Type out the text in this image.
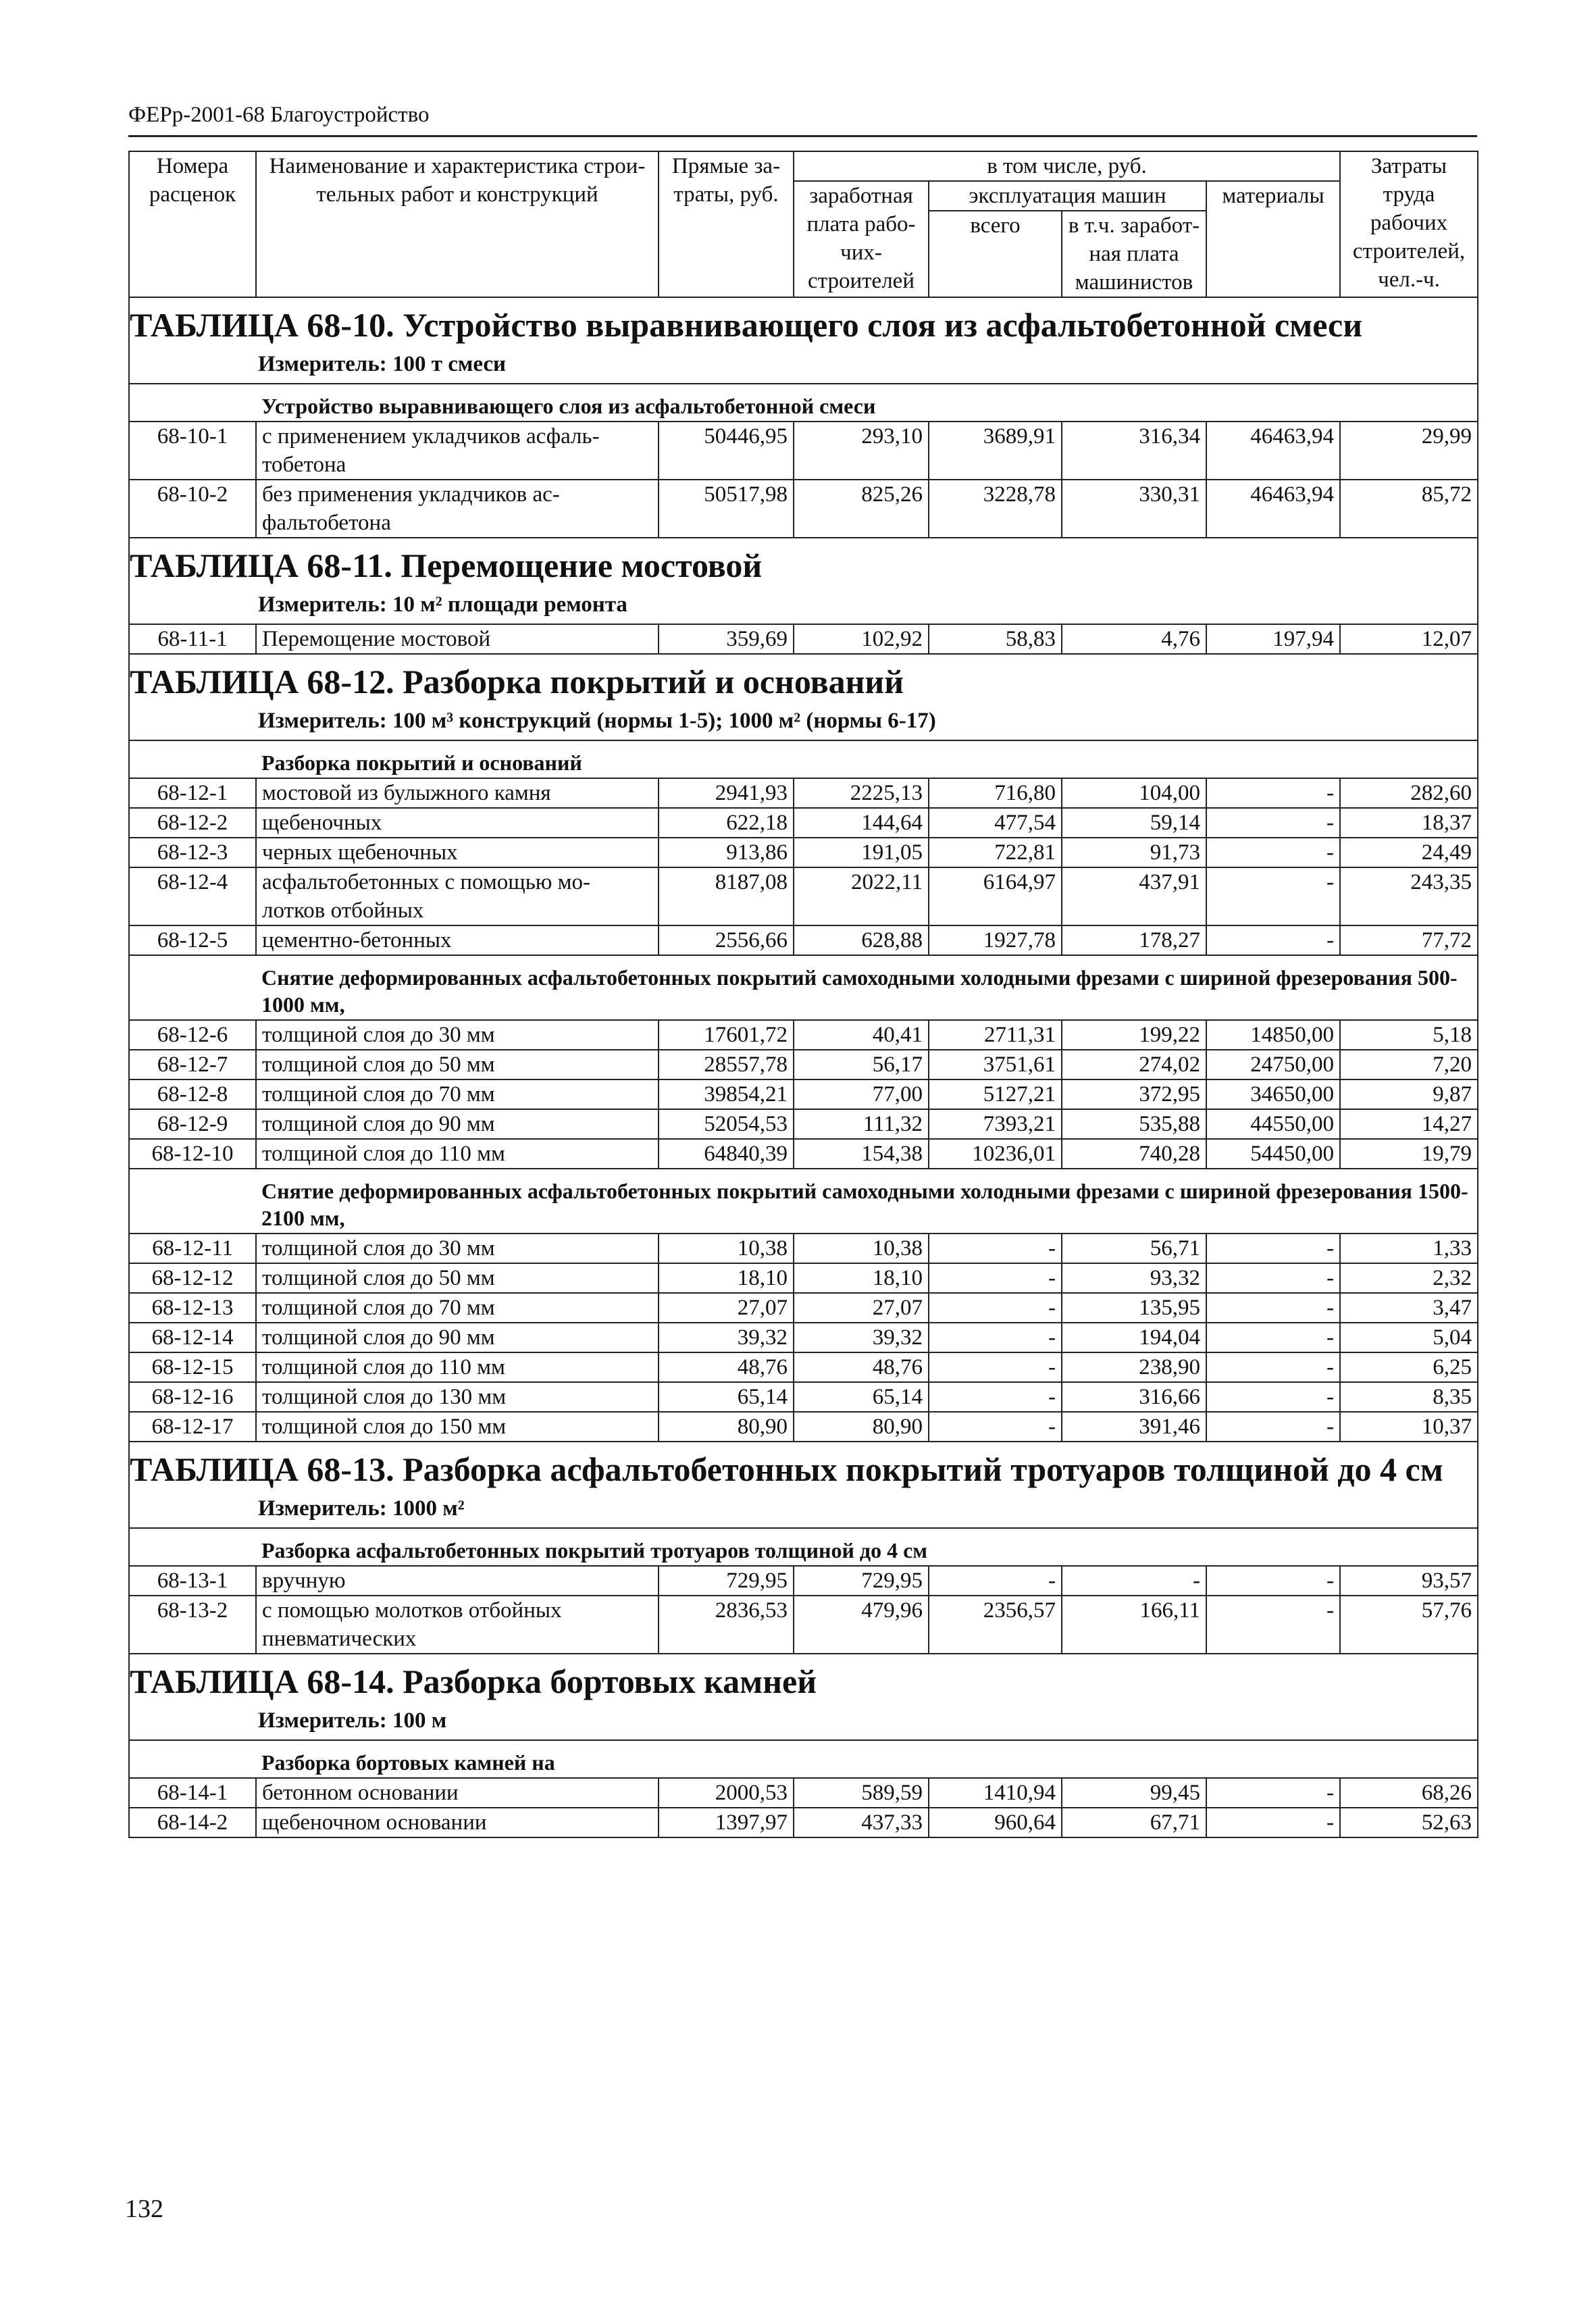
ФЕРр-2001-68 Благоустройство
Номера расценок	Наименование и характеристика строи-тельных работ и конструкций	Прямые за-траты, руб.	в том числе, руб.				Затраты труда рабочих строителей, чел.-ч.
			заработная плата рабо-чих-строителей	эксплуатация машин		материалы	
				всего	в т.ч. заработ-ная плата машинистов		
ТАБЛИЦА 68-10. Устройство выравнивающего слоя из асфальтобетонной смеси							
Измеритель: 100 т смеси							
	Устройство выравнивающего слоя из асфальтобетонной смеси						
68-10-1	с применением укладчиков асфаль-тобетона	50446,95	293,10	3689,91	316,34	46463,94	29,99
68-10-2	без применения укладчиков ас-фальтобетона	50517,98	825,26	3228,78	330,31	46463,94	85,72
ТАБЛИЦА 68-11. Перемощение мостовой							
Измеритель: 10 м² площади ремонта							
68-11-1	Перемощение мостовой	359,69	102,92	58,83	4,76	197,94	12,07
ТАБЛИЦА 68-12. Разборка покрытий и оснований							
Измеритель: 100 м³ конструкций (нормы 1-5); 1000 м² (нормы 6-17)							
	Разборка покрытий и оснований						
68-12-1	мостовой из булыжного камня	2941,93	2225,13	716,80	104,00	-	282,60
68-12-2	щебеночных	622,18	144,64	477,54	59,14	-	18,37
68-12-3	черных щебеночных	913,86	191,05	722,81	91,73	-	24,49
68-12-4	асфальтобетонных с помощью мо-лотков отбойных	8187,08	2022,11	6164,97	437,91	-	243,35
68-12-5	цементно-бетонных	2556,66	628,88	1927,78	178,27	-	77,72
	Снятие деформированных асфальтобетонных покрытий самоходными холодными фрезами с шириной фрезерования 500-1000 мм,						
68-12-6	толщиной слоя до 30 мм	17601,72	40,41	2711,31	199,22	14850,00	5,18
68-12-7	толщиной слоя до 50 мм	28557,78	56,17	3751,61	274,02	24750,00	7,20
68-12-8	толщиной слоя до 70 мм	39854,21	77,00	5127,21	372,95	34650,00	9,87
68-12-9	толщиной слоя до 90 мм	52054,53	111,32	7393,21	535,88	44550,00	14,27
68-12-10	толщиной слоя до 110 мм	64840,39	154,38	10236,01	740,28	54450,00	19,79
	Снятие деформированных асфальтобетонных покрытий самоходными холодными фрезами с шириной фрезерования 1500-2100 мм,						
68-12-11	толщиной слоя до 30 мм	10,38	10,38	-	56,71	-	1,33
68-12-12	толщиной слоя до 50 мм	18,10	18,10	-	93,32	-	2,32
68-12-13	толщиной слоя до 70 мм	27,07	27,07	-	135,95	-	3,47
68-12-14	толщиной слоя до 90 мм	39,32	39,32	-	194,04	-	5,04
68-12-15	толщиной слоя до 110 мм	48,76	48,76	-	238,90	-	6,25
68-12-16	толщиной слоя до 130 мм	65,14	65,14	-	316,66	-	8,35
68-12-17	толщиной слоя до 150 мм	80,90	80,90	-	391,46	-	10,37
ТАБЛИЦА 68-13. Разборка асфальтобетонных покрытий тротуаров толщиной до 4 см							
Измеритель: 1000 м²							
	Разборка асфальтобетонных покрытий тротуаров толщиной до 4 см						
68-13-1	вручную	729,95	729,95	-	-	-	93,57
68-13-2	с помощью молотков отбойных пневматических	2836,53	479,96	2356,57	166,11	-	57,76
ТАБЛИЦА 68-14. Разборка бортовых камней							
Измеритель: 100 м							
	Разборка бортовых камней на						
68-14-1	бетонном основании	2000,53	589,59	1410,94	99,45	-	68,26
68-14-2	щебеночном основании	1397,97	437,33	960,64	67,71	-	52,63
132
